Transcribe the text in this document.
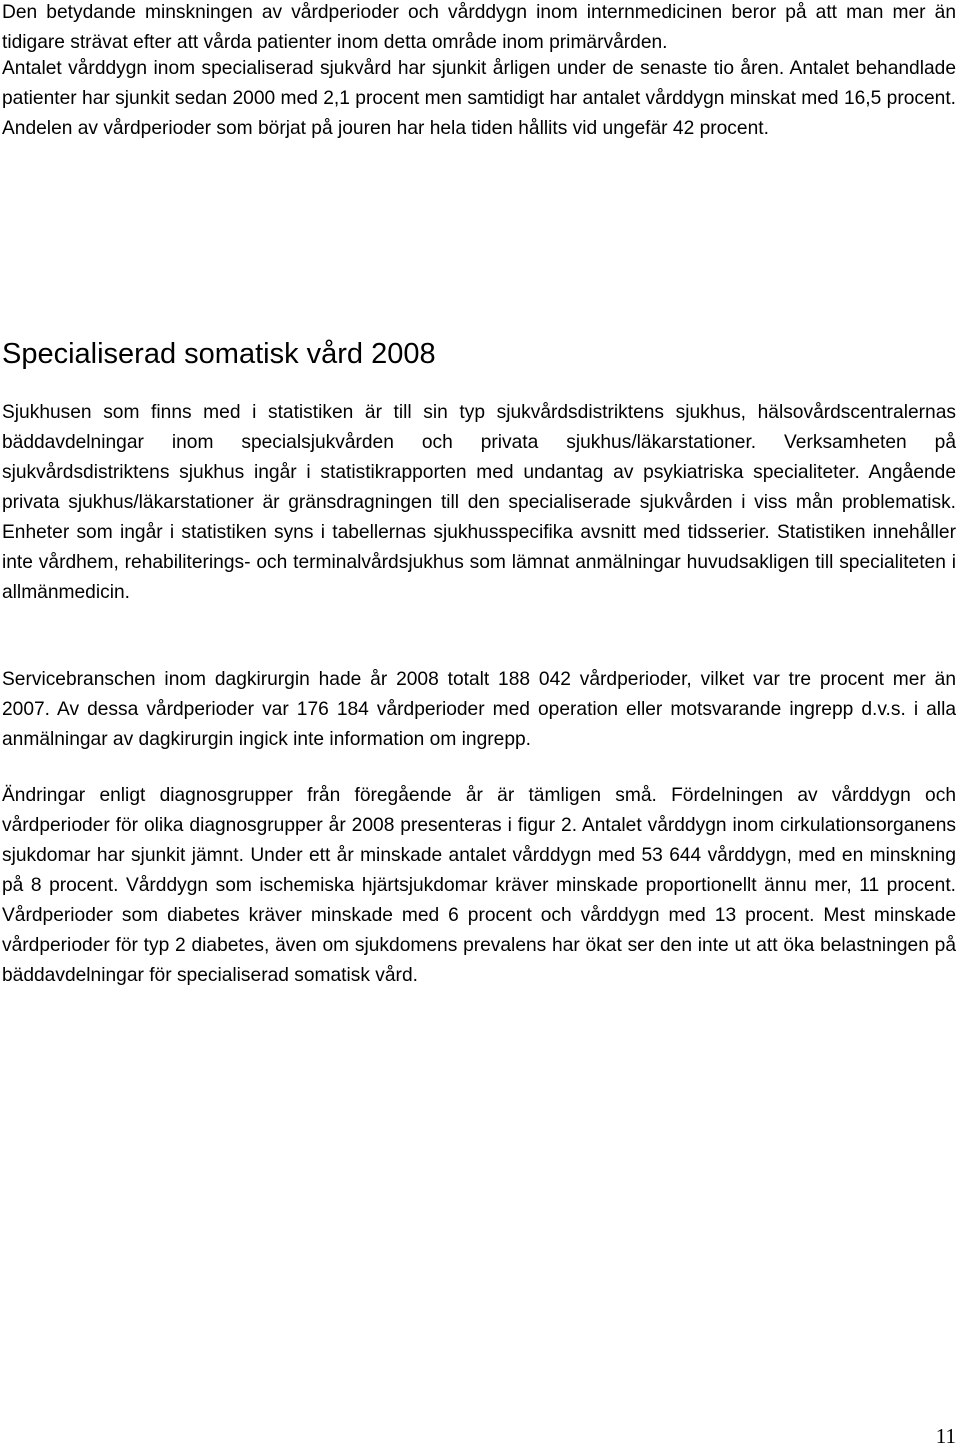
Den betydande minskningen av vårdperioder och vårddygn inom internmedicinen beror på att man mer än tidigare strävat efter att vårda patienter inom detta område inom primärvården.

Antalet vårddygn inom specialiserad sjukvård har sjunkit årligen under de senaste tio åren. Antalet behandlade patienter har sjunkit sedan 2000 med 2,1 procent men samtidigt har antalet vårddygn minskat med 16,5 procent. Andelen av vårdperioder som börjat på jouren har hela tiden hållits vid ungefär 42 procent.

Specialiserad somatisk vård 2008

Sjukhusen som finns med i statistiken är till sin typ sjukvårdsdistriktens sjukhus, hälsovårdscentralernas bäddavdelningar inom specialsjukvården och privata sjukhus/läkarstationer. Verksamheten på sjukvårdsdistriktens sjukhus ingår i statistikrapporten med undantag av psykiatriska specialiteter. Angående privata sjukhus/läkarstationer är gränsdragningen till den specialiserade sjukvården i viss mån problematisk. Enheter som ingår i statistiken syns i tabellernas sjukhusspecifika avsnitt med tidsserier. Statistiken innehåller inte vårdhem, rehabiliterings- och terminalvårdsjukhus som lämnat anmälningar huvudsakligen till specialiteten i allmänmedicin.

Servicebranschen inom dagkirurgin hade år 2008 totalt 188 042 vårdperioder, vilket var tre procent mer än 2007. Av dessa vårdperioder var 176 184 vårdperioder med operation eller motsvarande ingrepp d.v.s. i alla anmälningar av dagkirurgin ingick inte information om ingrepp.

Ändringar enligt diagnosgrupper från föregående år är tämligen små. Fördelningen av vårddygn och vårdperioder för olika diagnosgrupper år 2008 presenteras i figur 2. Antalet vårddygn inom cirkulationsorganens sjukdomar har sjunkit jämnt. Under ett år minskade antalet vårddygn med 53 644 vårddygn, med en minskning på 8 procent. Vårddygn som ischemiska hjärtsjukdomar kräver minskade proportionellt ännu mer, 11 procent. Vårdperioder som diabetes kräver minskade med 6 procent och vårddygn med 13 procent. Mest minskade vårdperioder för typ 2 diabetes, även om sjukdomens prevalens har ökat ser den inte ut att öka belastningen på bäddavdelningar för specialiserad somatisk vård.

11
